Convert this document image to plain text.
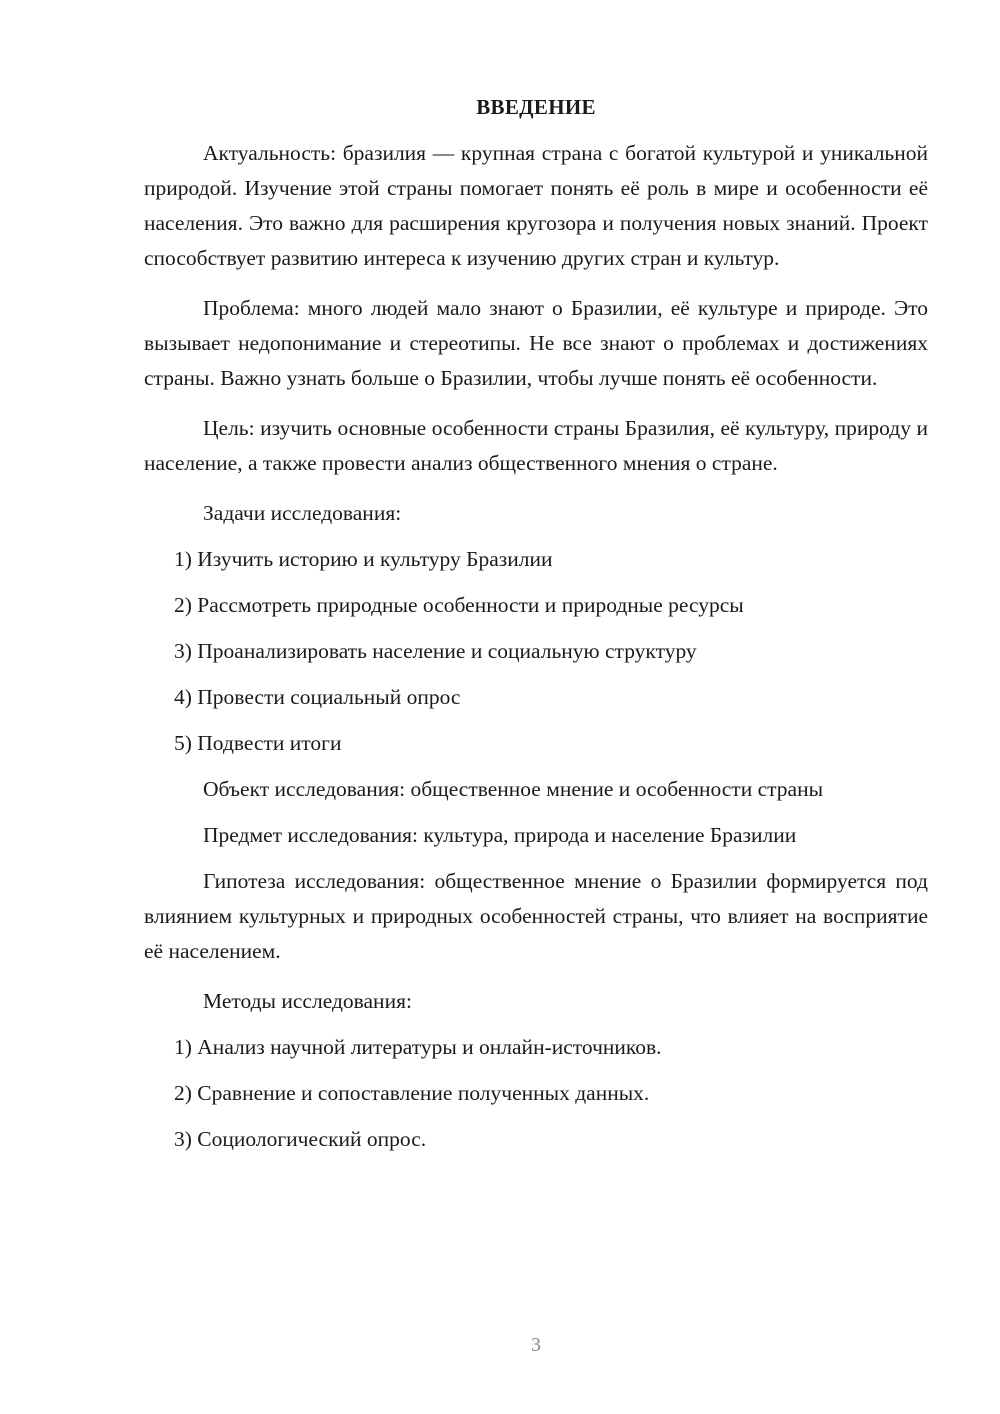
ВВЕДЕНИЕ

Актуальность: бразилия — крупная страна с богатой культурой и уникальной природой. Изучение этой страны помогает понять её роль в мире и особенности её населения. Это важно для расширения кругозора и получения новых знаний. Проект способствует развитию интереса к изучению других стран и культур.

Проблема: много людей мало знают о Бразилии, её культуре и природе. Это вызывает недопонимание и стереотипы. Не все знают о проблемах и достижениях страны. Важно узнать больше о Бразилии, чтобы лучше понять её особенности.

Цель: изучить основные особенности страны Бразилия, её культуру, природу и население, а также провести анализ общественного мнения о стране.

Задачи исследования:
1) Изучить историю и культуру Бразилии
2) Рассмотреть природные особенности и природные ресурсы
3) Проанализировать население и социальную структуру
4) Провести социальный опрос
5) Подвести итоги
Объект исследования: общественное мнение и особенности страны
Предмет исследования: культура, природа и население Бразилии

Гипотеза исследования: общественное мнение о Бразилии формируется под влиянием культурных и природных особенностей страны, что влияет на восприятие её населением.

Методы исследования:
1) Анализ научной литературы и онлайн-источников.
2) Сравнение и сопоставление полученных данных.
3) Социологический опрос.
3
